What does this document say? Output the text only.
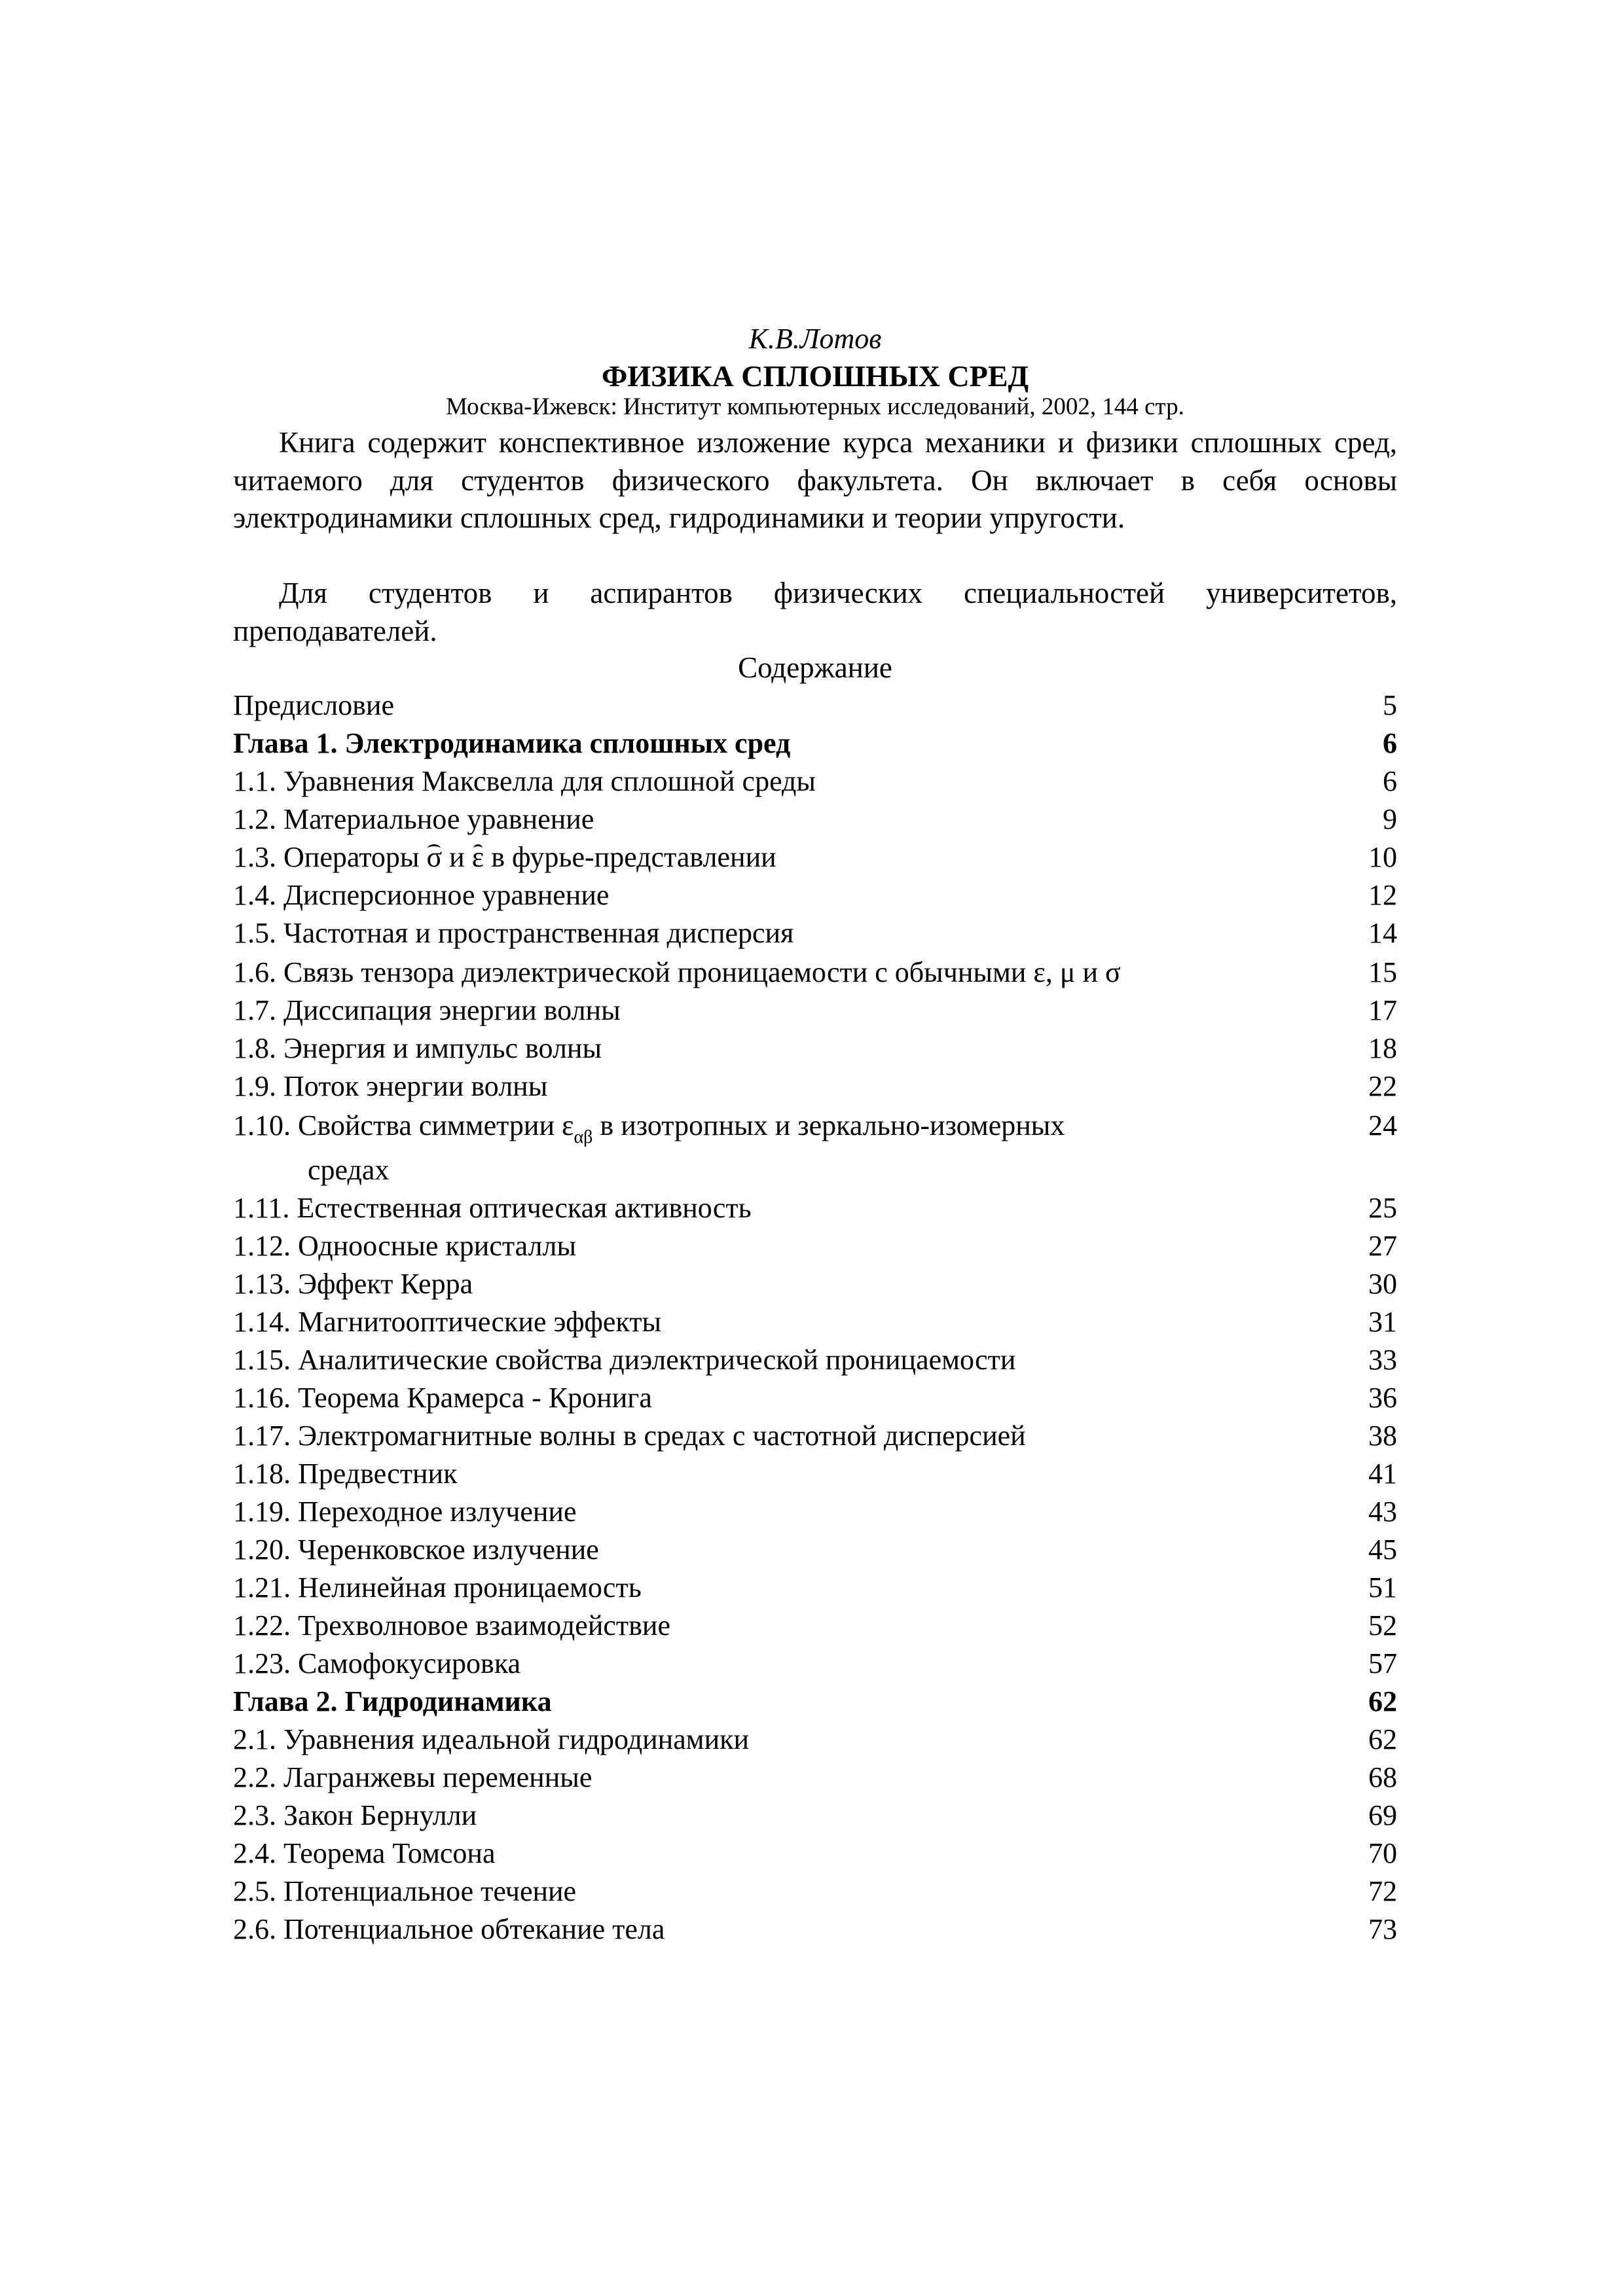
К.В.Лотов
ФИЗИКА СПЛОШНЫХ СРЕД
Москва-Ижевск: Институт компьютерных исследований, 2002, 144 стр.

Книга содержит конспективное изложение курса механики и физики сплошных сред, читаемого для студентов физического факультета. Он включает в себя основы электродинамики сплошных сред, гидродинамики и теории упругости.

Для студентов и аспирантов физических специальностей университетов, преподавателей.

Содержание
Предисловие	5
Глава 1. Электродинамика сплошных сред	6
1.1. Уравнения Максвелла для сплошной среды	6
1.2. Материальное уравнение	9
1.3. Операторы σ и ε в фурье-представлении	10
1.4. Дисперсионное уравнение	12
1.5. Частотная и пространственная дисперсия	14
1.6. Связь тензора диэлектрической проницаемости с обычными ε, μ и σ	15
1.7. Диссипация энергии волны	17
1.8. Энергия и импульс волны	18
1.9. Поток энергии волны	22
1.10. Свойства симметрии $\varepsilon_{\alpha\beta}$ в изотропных и зеркально-изомерных	24
средах
1.11. Естественная оптическая активность	25
1.12. Одноосные кристаллы	27
1.13. Эффект Керра	30
1.14. Магнитооптические эффекты	31
1.15. Аналитические свойства диэлектрической проницаемости	33
1.16. Теорема Крамерса - Кронига	36
1.17. Электромагнитные волны в средах с частотной дисперсией	38
1.18. Предвестник	41
1.19. Переходное излучение	43
1.20. Черенковское излучение	45
1.21. Нелинейная проницаемость	51
1.22. Трехволновое взаимодействие	52
1.23. Самофокусировка	57
Глава 2. Гидродинамика	62
2.1. Уравнения идеальной гидродинамики	62
2.2. Лагранжевы переменные	68
2.3. Закон Бернулли	69
2.4. Теорема Томсона	70
2.5. Потенциальное течение	72
2.6. Потенциальное обтекание тела	73
